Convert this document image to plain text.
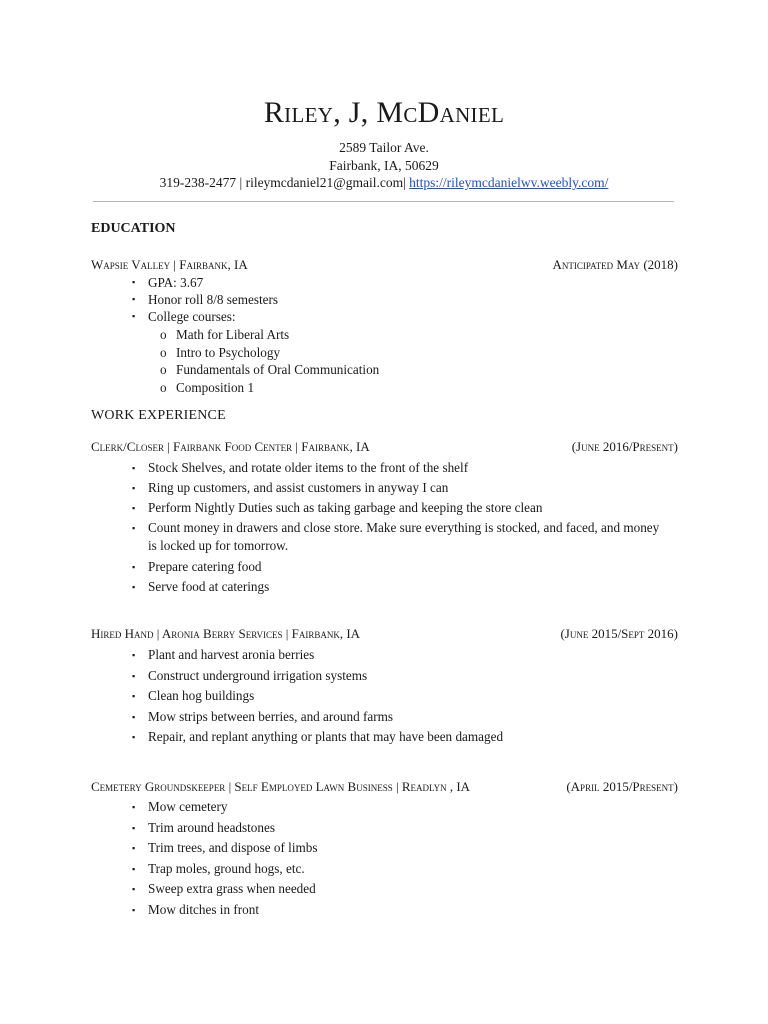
Riley, J, McDaniel
2589 Tailor Ave.
Fairbank, IA, 50629
319-238-2477 | rileymcdaniel21@gmail.com| https://rileymcdanielwv.weebly.com/
EDUCATION
Wapsie Valley | Fairbank, IA	Anticipated May (2018)
▪ GPA: 3.67
▪ Honor roll 8/8 semesters
▪ College courses:
o Math for Liberal Arts
o Intro to Psychology
o Fundamentals of Oral Communication
o Composition 1
WORK EXPERIENCE
Clerk/Closer | Fairbank Food Center | Fairbank, IA	(June 2016/Present)
▪ Stock Shelves, and rotate older items to the front of the shelf
▪ Ring up customers, and assist customers in anyway I can
▪ Perform Nightly Duties such as taking garbage and keeping the store clean
▪ Count money in drawers and close store. Make sure everything is stocked, and faced, and money is locked up for tomorrow.
▪ Prepare catering food
▪ Serve food at caterings
Hired Hand | Aronia Berry Services | Fairbank, IA	(June 2015/Sept 2016)
▪ Plant and harvest aronia berries
▪ Construct underground irrigation systems
▪ Clean hog buildings
▪ Mow strips between berries, and around farms
▪ Repair, and replant anything or plants that may have been damaged
Cemetery Groundskeeper | Self Employed Lawn Business | Readlyn , IA	(April 2015/Present)
▪ Mow cemetery
▪ Trim around headstones
▪ Trim trees, and dispose of limbs
▪ Trap moles, ground hogs, etc.
▪ Sweep extra grass when needed
▪ Mow ditches in front
